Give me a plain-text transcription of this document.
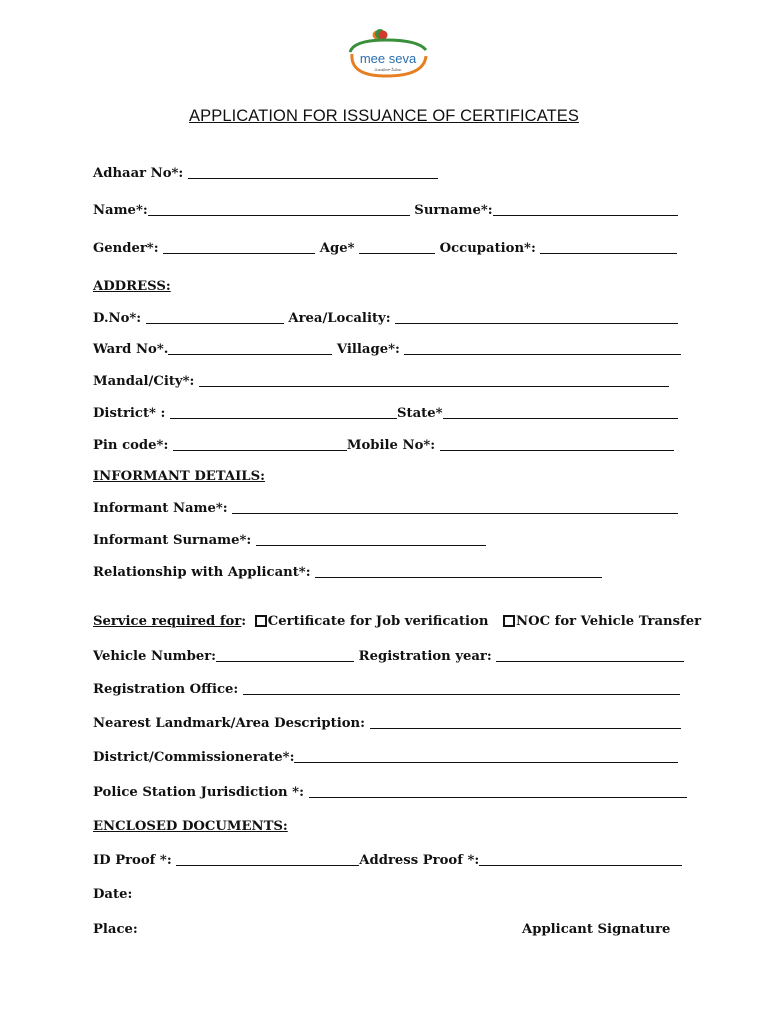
mee seva
సులభంగా సేవలు
APPLICATION FOR ISSUANCE OF CERTIFICATES
Adhaar No*:
Name*:	Surname*:
Gender*:	Age*	Occupation*:
ADDRESS:
D.No*:	Area/Locality:
Ward No*.	Village*:
Mandal/City*:
District* :	State*
Pin code*:	Mobile No*:
INFORMANT DETAILS:
Informant Name*:
Informant Surname*:
Relationship with Applicant*:
Service required for: Certificate for Job verification NOC for Vehicle Transfer
Vehicle Number:	Registration year:
Registration Office:
Nearest Landmark/Area Description:
District/Commissionerate*:
Police Station Jurisdiction *:
ENCLOSED DOCUMENTS:
ID Proof *:	Address Proof *:
Date:
Place:	Applicant Signature
